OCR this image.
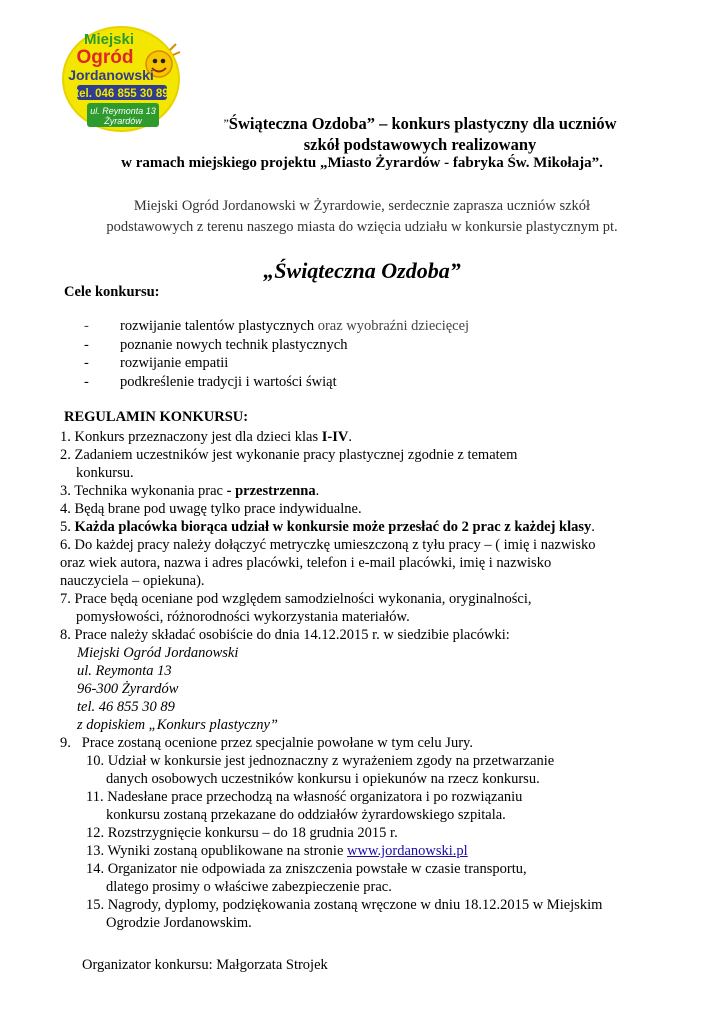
Miejski
Ogród
Jordanowski
tel. 046 855 30 89
ul. Reymonta 13
Żyrardów	”Świąteczna Ozdoba” – konkurs plastyczny dla uczniów
szkół podstawowych realizowany
w ramach miejskiego projektu „Miasto Żyrardów - fabryka Św. Mikołaja”.
Miejski Ogród Jordanowski w Żyrardowie, serdecznie zaprasza uczniów szkół
podstawowych z terenu naszego miasta do wzięcia udziału w konkursie plastycznym pt.
„Świąteczna Ozdoba”
Cele konkursu:
- rozwijanie talentów plastycznych oraz wyobraźni dziecięcej
- poznanie nowych technik plastycznych
- rozwijanie empatii
- podkreślenie tradycji i wartości świąt
REGULAMIN KONKURSU:
1. Konkurs przeznaczony jest dla dzieci klas I-IV.
2. Zadaniem uczestników jest wykonanie pracy plastycznej zgodnie z tematem
konkursu.
3. Technika wykonania prac - przestrzenna.
4. Będą brane pod uwagę tylko prace indywidualne.
5. Każda placówka biorąca udział w konkursie może przesłać do 2 prac z każdej klasy.
6. Do każdej pracy należy dołączyć metryczkę umieszczoną z tyłu pracy – ( imię i nazwisko
oraz wiek autora, nazwa i adres placówki, telefon i e-mail placówki, imię i nazwisko
nauczyciela – opiekuna).
7. Prace będą oceniane pod względem samodzielności wykonania, oryginalności,
pomysłowości, różnorodności wykorzystania materiałów.
8. Prace należy składać osobiście do dnia 14.12.2015 r. w siedzibie placówki:
Miejski Ogród Jordanowski
ul. Reymonta 13
96-300 Żyrardów
tel. 46 855 30 89
z dopiskiem „Konkurs plastyczny”
9.   Prace zostaną ocenione przez specjalnie powołane w tym celu Jury.
10. Udział w konkursie jest jednoznaczny z wyrażeniem zgody na przetwarzanie
danych osobowych uczestników konkursu i opiekunów na rzecz konkursu.
11. Nadesłane prace przechodzą na własność organizatora i po rozwiązaniu
konkursu zostaną przekazane do oddziałów żyrardowskiego szpitala.
12. Rozstrzygnięcie konkursu – do 18 grudnia 2015 r.
13. Wyniki zostaną opublikowane na stronie www.jordanowski.pl
14. Organizator nie odpowiada za zniszczenia powstałe w czasie transportu,
dlatego prosimy o właściwe zabezpieczenie prac.
15. Nagrody, dyplomy, podziękowania zostaną wręczone w dniu 18.12.2015 w Miejskim
Ogrodzie Jordanowskim.
Organizator konkursu: Małgorzata Strojek
